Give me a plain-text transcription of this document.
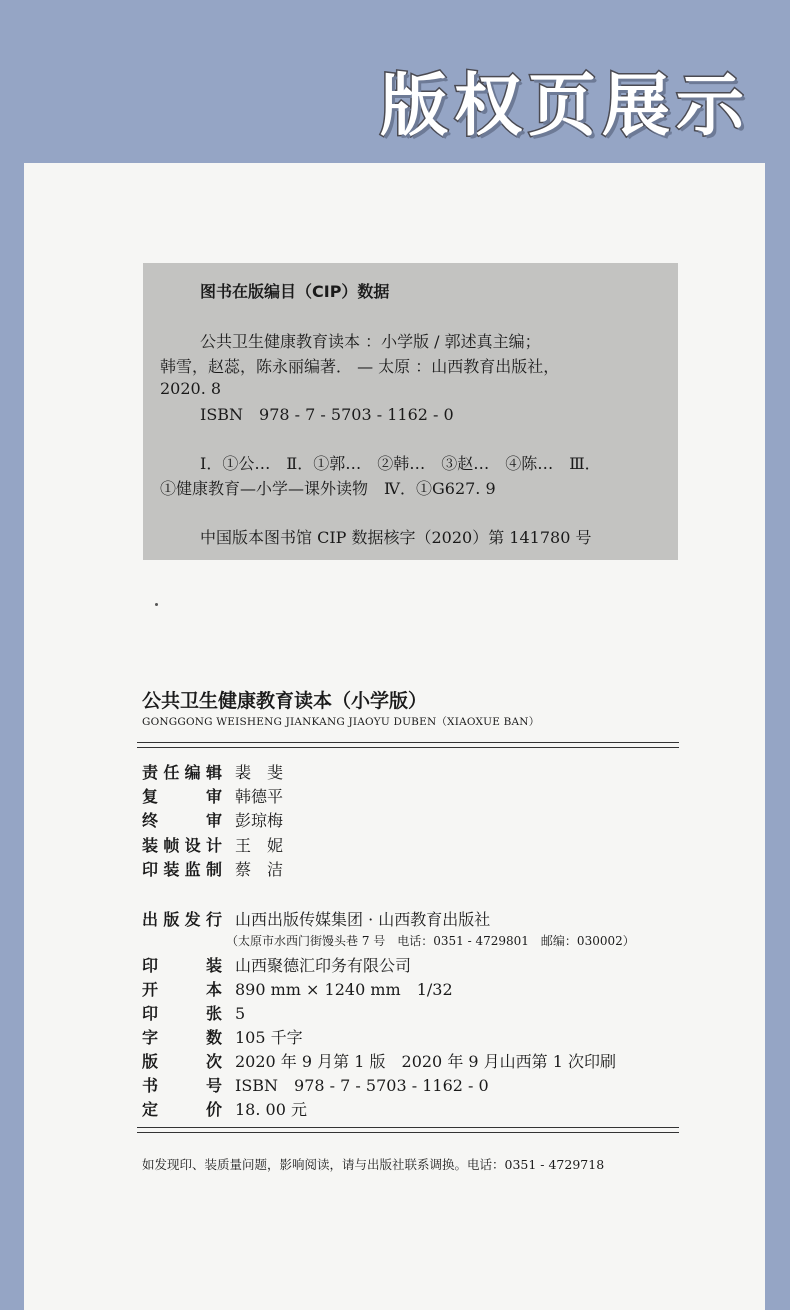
版权页展示
图书在版编目（CIP）数据
公共卫生健康教育读本 ：小学版 / 郭述真主编；
韩雪，赵蕊，陈永丽编著． — 太原 ：山西教育出版社，
2020. 8
ISBN　978 - 7 - 5703 - 1162 - 0
Ⅰ．①公…　Ⅱ．①郭…　②韩…　③赵…　④陈…　Ⅲ．
①健康教育—小学—课外读物　Ⅳ．①G627. 9
中国版本图书馆 CIP 数据核字（2020）第 141780 号
公共卫生健康教育读本（小学版）
GONGGONG WEISHENG JIANKANG JIAOYU DUBEN（XIAOXUE BAN）
责任编辑 裴　斐
复　审 韩德平
终　审 彭琼梅
装帧设计 王　妮
印装监制 蔡　洁
出版发行 山西出版传媒集团 · 山西教育出版社
（太原市水西门街馒头巷 7 号　电话：0351 - 4729801　邮编：030002）
印　装 山西聚德汇印务有限公司
开　本 890 mm × 1240 mm　1/32
印　张 5
字　数 105 千字
版　次 2020 年 9 月第 1 版　2020 年 9 月山西第 1 次印刷
书　号 ISBN　978 - 7 - 5703 - 1162 - 0
定　价 18. 00 元
如发现印、装质量问题，影响阅读，请与出版社联系调换。电话：0351 - 4729718
